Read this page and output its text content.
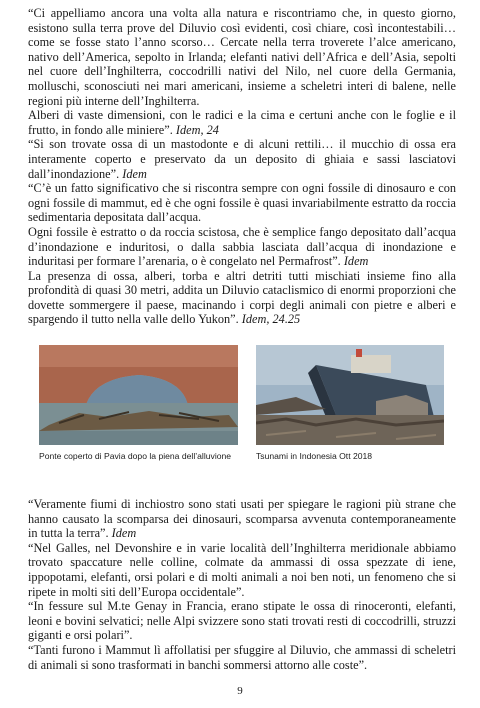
“Ci appelliamo ancora una volta alla natura e riscontriamo che, in questo giorno, esistono sulla terra prove del Diluvio così evidenti, così chiare, così incontestabili… come se fosse stato l’anno scorso… Cercate nella terra troverete l’alce americano, nativo dell’America, sepolto in Irlanda; elefanti nativi dell’Africa e dell’Asia, sepolti nel cuore dell’Inghilterra, coccodrilli nativi del Nilo, nel cuore della Germania, molluschi, sconosciuti nei mari americani, insieme a scheletri interi di balene, nelle regioni più interne dell’Inghilterra.

Alberi di vaste dimensioni, con le radici e la cima e certuni anche con le foglie e il frutto, in fondo alle miniere”. Idem, 24

“Si son trovate ossa di un mastodonte e di alcuni rettili… il mucchio di ossa era interamente coperto e preservato da un deposito di ghiaia e sassi lasciatovi dall’inondazione”. Idem

“C’è un fatto significativo che si riscontra sempre con ogni fossile di dinosauro e con ogni fossile di mammut, ed è che ogni fossile è quasi invariabilmente estratto da roccia sedimentaria depositata dall’acqua.

Ogni fossile è estratto o da roccia scistosa, che è semplice fango depositato dall’acqua d’inondazione e induritosi, o dalla sabbia lasciata dall’acqua di inondazione e induritasi per formare l’arenaria, o è congelato nel Permafrost”. Idem

La presenza di ossa, alberi, torba e altri detriti tutti mischiati insieme fino alla profondità di quasi 30 metri, addita un Diluvio cataclismico di enormi proporzioni che dovette sommergere il paese, macinando i corpi degli animali con pietre e alberi e spargendo il tutto nella valle dello Yukon”. Idem, 24.25

Ponte coperto di Pavia dopo la piena dell’alluvione	Tsunami in Indonesia Ott 2018

“Veramente fiumi di inchiostro sono stati usati per spiegare le ragioni più strane che hanno causato la scomparsa dei dinosauri, scomparsa avvenuta contemporaneamente in tutta la terra”. Idem

“Nel Galles, nel Devonshire e in varie località dell’Inghilterra meridionale abbiamo trovato spaccature nelle colline, colmate da ammassi di ossa spezzate di iene, ippopotami, elefanti, orsi polari e di molti animali a noi ben noti, un fenomeno che si ripete in molti siti dell’Europa occidentale”.

“In fessure sul M.te Genay in Francia, erano stipate le ossa di rinoceronti, elefanti, leoni e bovini selvatici; nelle Alpi svizzere sono stati trovati resti di coccodrilli, struzzi giganti e orsi polari”.

“Tanti furono i Mammut lì affollatisi per sfuggire al Diluvio, che ammassi di scheletri di animali si sono trasformati in banchi sommersi attorno alle coste”.

9
